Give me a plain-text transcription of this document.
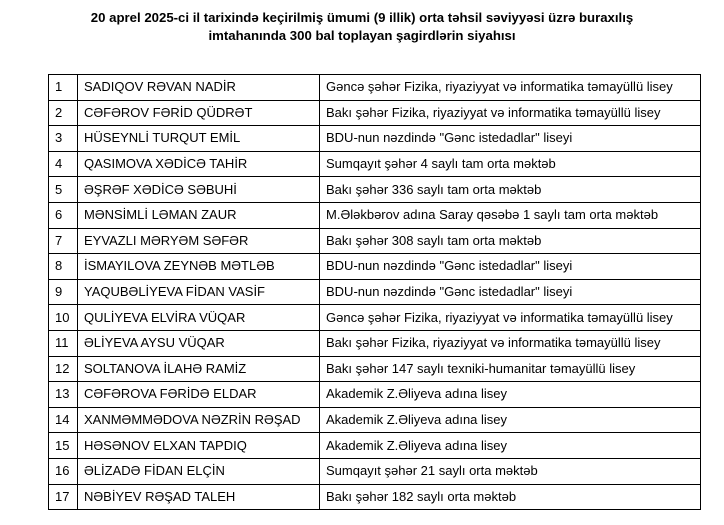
20 aprel 2025-ci il tarixində keçirilmiş ümumi (9 illik) orta təhsil səviyyəsi üzrə buraxılış
imtahanında 300 bal toplayan şagirdlərin siyahısı
1	SADIQOV RƏVAN NADİR	Gəncə şəhər Fizika, riyaziyyat və informatika təmayüllü lisey
2	CƏFƏROV FƏRİD QÜDRƏT	Bakı şəhər Fizika, riyaziyyat və informatika təmayüllü lisey
3	HÜSEYNLİ TURQUT EMİL	BDU-nun nəzdində "Gənc istedadlar" liseyi
4	QASIMOVA XƏDİCƏ TAHİR	Sumqayıt şəhər 4 saylı tam orta məktəb
5	ƏŞRƏF XƏDİCƏ SƏBUHİ	Bakı şəhər 336 saylı tam orta məktəb
6	MƏNSİMLİ LƏMAN ZAUR	M.Ələkbərov adına Saray qəsəbə 1 saylı tam orta məktəb
7	EYVAZLI MƏRYƏM SƏFƏR	Bakı şəhər 308 saylı tam orta məktəb
8	İSMAYILOVA ZEYNƏB MƏTLƏB	BDU-nun nəzdində "Gənc istedadlar" liseyi
9	YAQUBƏLİYEVA FİDAN VASİF	BDU-nun nəzdində "Gənc istedadlar" liseyi
10	QULİYEVA ELVİRA VÜQAR	Gəncə şəhər Fizika, riyaziyyat və informatika təmayüllü lisey
11	ƏLİYEVA AYSU VÜQAR	Bakı şəhər Fizika, riyaziyyat və informatika təmayüllü lisey
12	SOLTANOVA İLAHƏ RAMİZ	Bakı şəhər 147 saylı texniki-humanitar təmayüllü lisey
13	CƏFƏROVA FƏRİDƏ ELDAR	Akademik Z.Əliyeva adına lisey
14	XANMƏMMƏDOVA NƏZRİN RƏŞAD	Akademik Z.Əliyeva adına lisey
15	HƏSƏNOV ELXAN TAPDIQ	Akademik Z.Əliyeva adına lisey
16	ƏLİZADƏ FİDAN ELÇİN	Sumqayıt şəhər 21 saylı orta məktəb
17	NƏBİYEV RƏŞAD TALEH	Bakı şəhər 182 saylı orta məktəb
